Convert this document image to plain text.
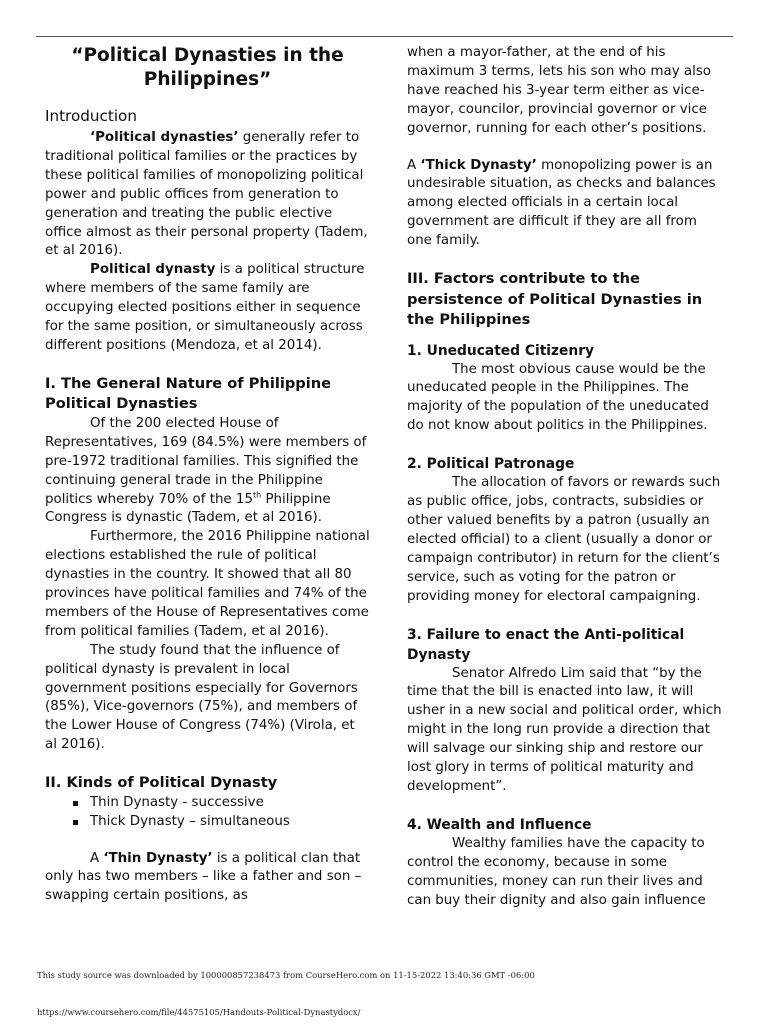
“Political Dynasties in the Philippines”
Introduction

‘Political dynasties’ generally refer to traditional political families or the practices by these political families of monopolizing political power and public offices from generation to generation and treating the public elective office almost as their personal property (Tadem, et al 2016).

Political dynasty is a political structure where members of the same family are occupying elected positions either in sequence for the same position, or simultaneously across different positions (Mendoza, et al 2014).

I. The General Nature of Philippine Political Dynasties

Of the 200 elected House of Representatives, 169 (84.5%) were members of pre-1972 traditional families. This signified the continuing general trade in the Philippine politics whereby 70% of the 15th Philippine Congress is dynastic (Tadem, et al 2016).

Furthermore, the 2016 Philippine national elections established the rule of political dynasties in the country. It showed that all 80 provinces have political families and 74% of the members of the House of Representatives come from political families (Tadem, et al 2016).

The study found that the influence of political dynasty is prevalent in local government positions especially for Governors (85%), Vice-governors (75%), and members of the Lower House of Congress (74%) (Virola, et al 2016).

II. Kinds of Political Dynasty
Thin Dynasty - successive
Thick Dynasty – simultaneous

A ‘Thin Dynasty’ is a political clan that only has two members – like a father and son – swapping certain positions, as

when a mayor-father, at the end of his maximum 3 terms, lets his son who may also have reached his 3-year term either as vice-mayor, councilor, provincial governor or vice governor, running for each other’s positions.

A ‘Thick Dynasty’ monopolizing power is an undesirable situation, as checks and balances among elected officials in a certain local government are difficult if they are all from one family.

III. Factors contribute to the persistence of Political Dynasties in the Philippines
1. Uneducated Citizenry

The most obvious cause would be the uneducated people in the Philippines. The majority of the population of the uneducated do not know about politics in the Philippines.

2. Political Patronage

The allocation of favors or rewards such as public office, jobs, contracts, subsidies or other valued benefits by a patron (usually an elected official) to a client (usually a donor or campaign contributor) in return for the client’s service, such as voting for the patron or providing money for electoral campaigning.

3. Failure to enact the Anti-political Dynasty

Senator Alfredo Lim said that “by the time that the bill is enacted into law, it will usher in a new social and political order, which might in the long run provide a direction that will salvage our sinking ship and restore our lost glory in terms of political maturity and development”.

4. Wealth and Influence

Wealthy families have the capacity to control the economy, because in some communities, money can run their lives and can buy their dignity and also gain influence

This study source was downloaded by 100000857238473 from CourseHero.com on 11-15-2022 13:40:36 GMT -06:00
https://www.coursehero.com/file/44575105/Handouts-Political-Dynastydocx/
